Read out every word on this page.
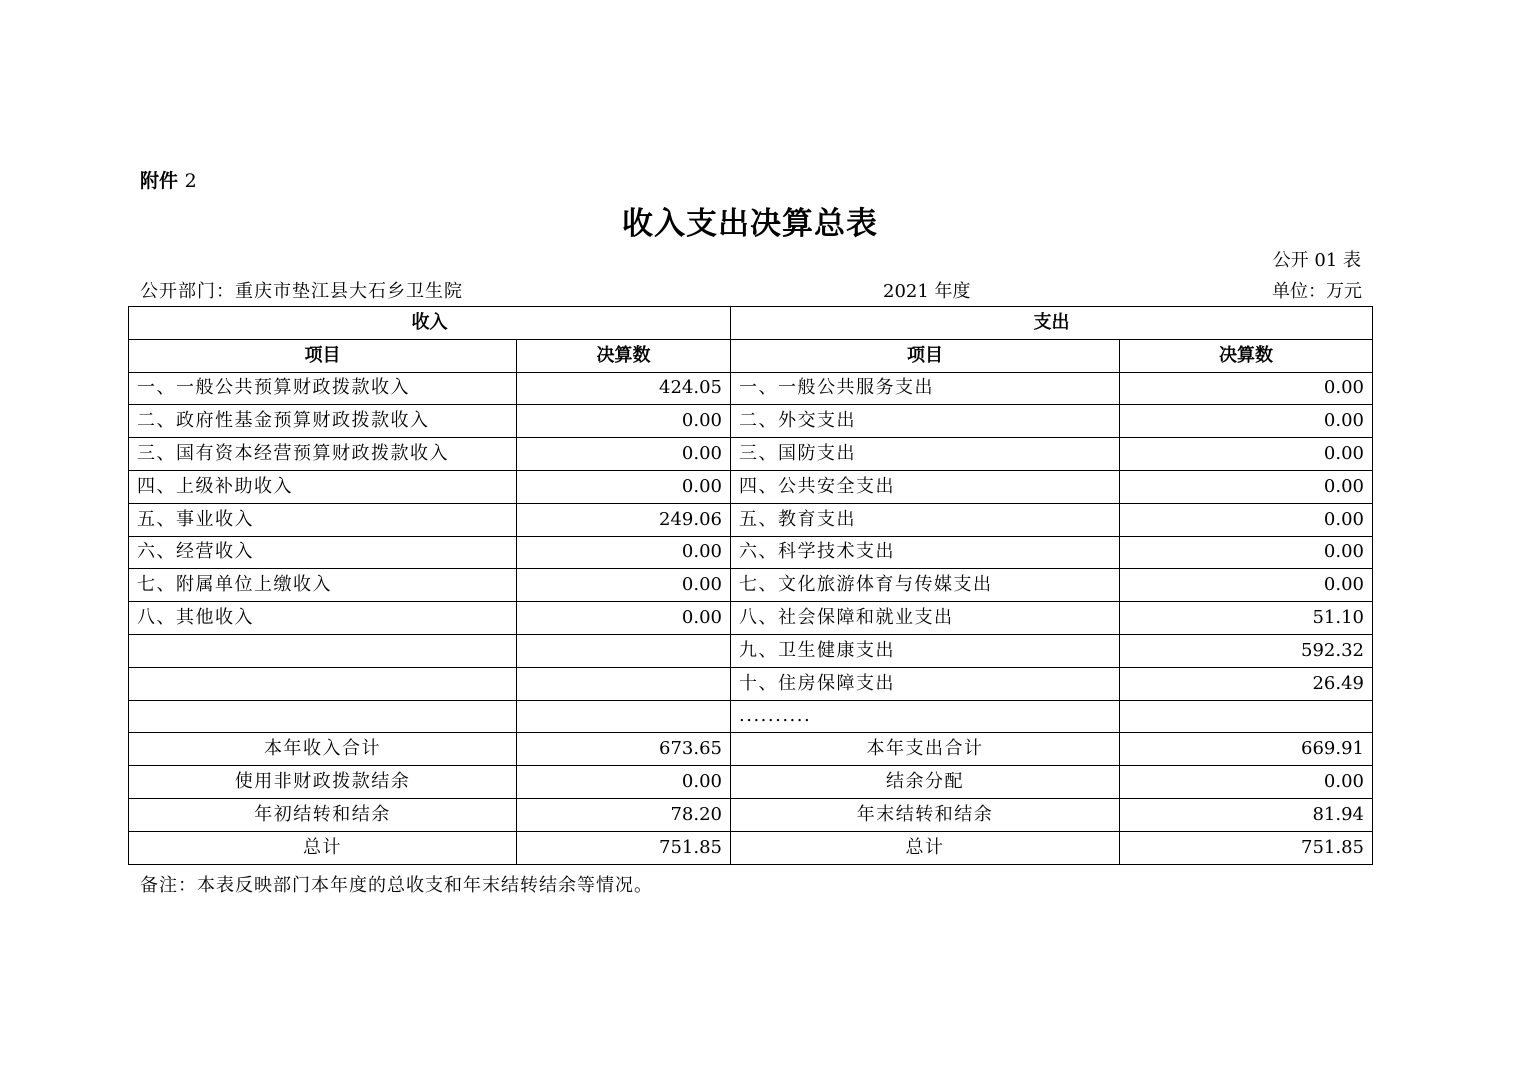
附件 2
收入支出决算总表
公开 01 表
公开部门：重庆市垫江县大石乡卫生院	2021 年度	单位：万元
收入		支出	
项目	决算数	项目	决算数
一、一般公共预算财政拨款收入	424.05	一、一般公共服务支出	0.00
二、政府性基金预算财政拨款收入	0.00	二、外交支出	0.00
三、国有资本经营预算财政拨款收入	0.00	三、国防支出	0.00
四、上级补助收入	0.00	四、公共安全支出	0.00
五、事业收入	249.06	五、教育支出	0.00
六、经营收入	0.00	六、科学技术支出	0.00
七、附属单位上缴收入	0.00	七、文化旅游体育与传媒支出	0.00
八、其他收入	0.00	八、社会保障和就业支出	51.10
		九、卫生健康支出	592.32
		十、住房保障支出	26.49
		..........	
本年收入合计	673.65	本年支出合计	669.91
使用非财政拨款结余	0.00	结余分配	0.00
年初结转和结余	78.20	年末结转和结余	81.94
总计	751.85	总计	751.85
备注：本表反映部门本年度的总收支和年末结转结余等情况。
